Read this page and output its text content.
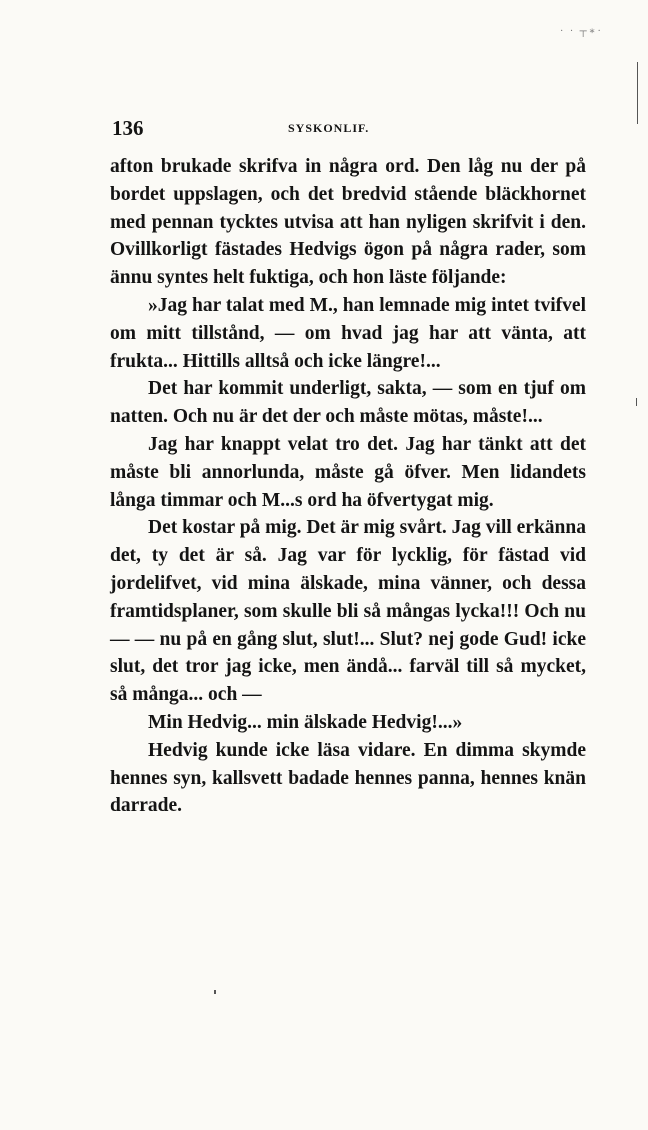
· · ┬∗·
136	SYSKONLIF.

afton brukade skrifva in några ord. Den låg nu der på bordet uppslagen, och det bredvid stående bläckhornet med pennan tycktes utvisa att han nyligen skrifvit i den. Ovillkorligt fästades Hedvigs ögon på några rader, som ännu syntes helt fuktiga, och hon läste följande:

»Jag har talat med M., han lemnade mig intet tvifvel om mitt tillstånd, — om hvad jag har att vänta, att frukta... Hittills alltså och icke längre!...

Det har kommit underligt, sakta, — som en tjuf om natten. Och nu är det der och måste mötas, måste!...

Jag har knappt velat tro det. Jag har tänkt att det måste bli annorlunda, måste gå öfver. Men lidandets långa timmar och M...s ord ha öfvertygat mig.

Det kostar på mig. Det är mig svårt. Jag vill erkänna det, ty det är så. Jag var för lycklig, för fästad vid jordelifvet, vid mina älskade, mina vänner, och dessa framtidsplaner, som skulle bli så mångas lycka!!! Och nu — — nu på en gång slut, slut!... Slut? nej gode Gud! icke slut, det tror jag icke, men ändå... farväl till så mycket, så många... och —

Min Hedvig... min älskade Hedvig!...»

Hedvig kunde icke läsa vidare. En dimma skymde hennes syn, kallsvett badade hennes panna, hennes knän darrade.
